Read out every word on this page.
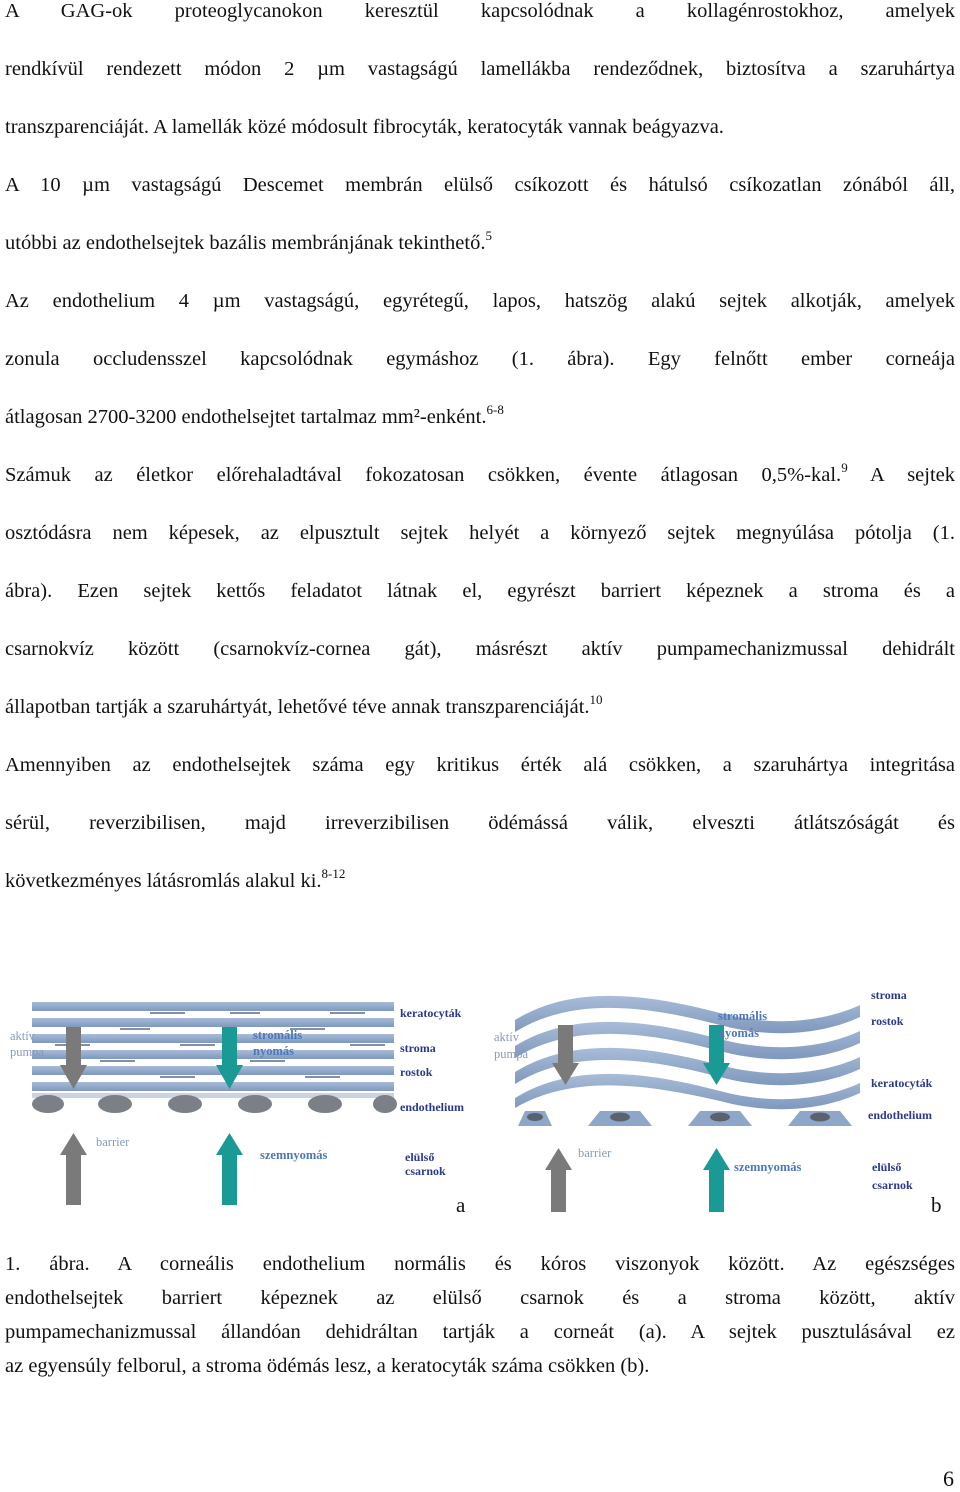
A GAG-ok proteoglycanokon keresztül kapcsolódnak a kollagénrostokhoz, amelyek
rendkívül rendezett módon 2 µm vastagságú lamellákba rendeződnek, biztosítva a szaruhártya
transzparenciáját. A lamellák közé módosult fibrocyták, keratocyták vannak beágyazva.
A 10 µm vastagságú Descemet membrán elülső csíkozott és hátulsó csíkozatlan zónából áll,
utóbbi az endothelsejtek bazális membránjának tekinthető.$^5$
Az endothelium 4 µm vastagságú, egyrétegű, lapos, hatszög alakú sejtek alkotják, amelyek
zonula occludensszel kapcsolódnak egymáshoz (1. ábra). Egy felnőtt ember corneája
átlagosan 2700-3200 endothelsejtet tartalmaz mm²-enként.$^{6-8}$
Számuk az életkor előrehaladtával fokozatosan csökken, évente átlagosan 0,5%-kal.$^9$ A sejtek
osztódásra nem képesek, az elpusztult sejtek helyét a környező sejtek megnyúlása pótolja (1.
ábra). Ezen sejtek kettős feladatot látnak el, egyrészt barriert képeznek a stroma és a
csarnokvíz között (csarnokvíz-cornea gát), másrészt aktív pumpamechanizmussal dehidrált
állapotban tartják a szaruhártyát, lehetővé téve annak transzparenciáját.$^{10}$
Amennyiben az endothelsejtek száma egy kritikus érték alá csökken, a szaruhártya integritása
sérül, reverzibilisen, majd irreverzibilisen ödémássá válik, elveszti átlátszóságát és
következményes látásromlás alakul ki.$^{8-12}$
aktív
pumpa
stromális
nyomás
keratocyták
stroma
rostok
endothelium
barrier
szemnyomás	elülső
csarnok
a
aktív
pumpa
stromális
nyomás
stroma
rostok
keratocyták
endothelium
barrier
szemnyomás	elülső
csarnok
b
1. ábra. A corneális endothelium normális és kóros viszonyok között. Az egészséges
endothelsejtek barriert képeznek az elülső csarnok és a stroma között, aktív
pumpamechanizmussal állandóan dehidráltan tartják a corneát (a). A sejtek pusztulásával ez
az egyensúly felborul, a stroma ödémás lesz, a keratocyták száma csökken (b).
6
